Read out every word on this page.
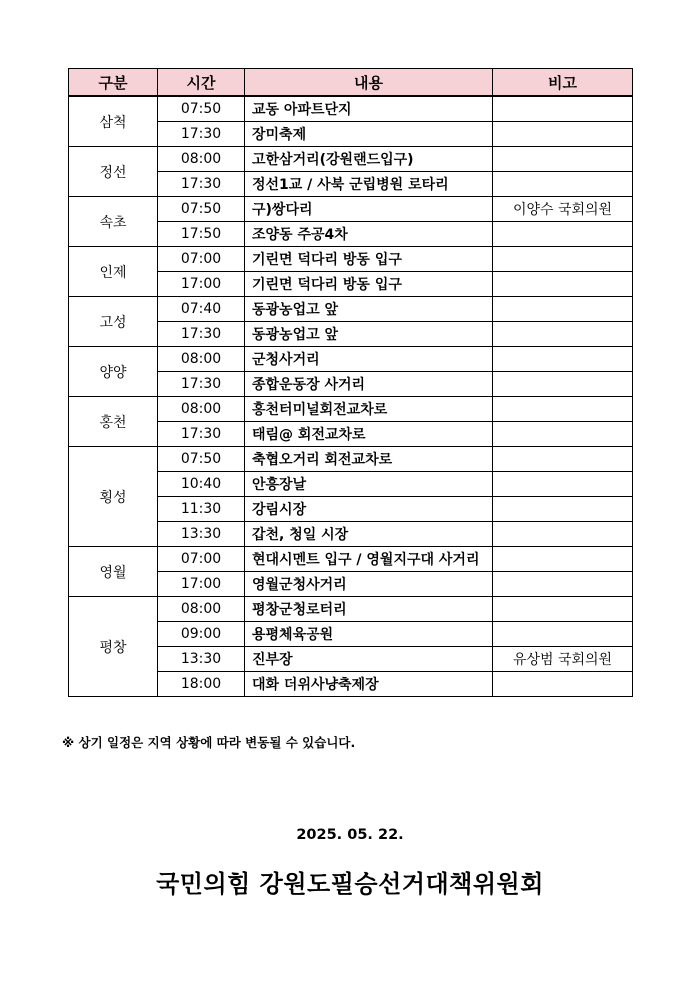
구분	시간	내용	비고
삼척	07:50	교동 아파트단지	
	17:30	장미축제	
정선	08:00	고한삼거리(강원랜드입구)	
	17:30	정선1교 / 사북 군립병원 로타리	
속초	07:50	구)쌍다리	이양수 국회의원
	17:50	조양동 주공4차	
인제	07:00	기린면 덕다리 방동 입구	
	17:00	기린면 덕다리 방동 입구	
고성	07:40	동광농업고 앞	
	17:30	동광농업고 앞	
양양	08:00	군청사거리	
	17:30	종합운동장 사거리	
홍천	08:00	홍천터미널회전교차로	
	17:30	태림@ 회전교차로	
횡성	07:50	축협오거리 회전교차로	
	10:40	안흥장날	
	11:30	강림시장	
	13:30	갑천, 청일 시장	
영월	07:00	현대시멘트 입구 / 영월지구대 사거리	
	17:00	영월군청사거리	
평창	08:00	평창군청로터리	
	09:00	용평체육공원	
	13:30	진부장	유상범 국회의원
	18:00	대화 더위사냥축제장	
※ 상기 일정은 지역 상황에 따라 변동될 수 있습니다.
2025. 05. 22.
국민의힘 강원도필승선거대책위원회
